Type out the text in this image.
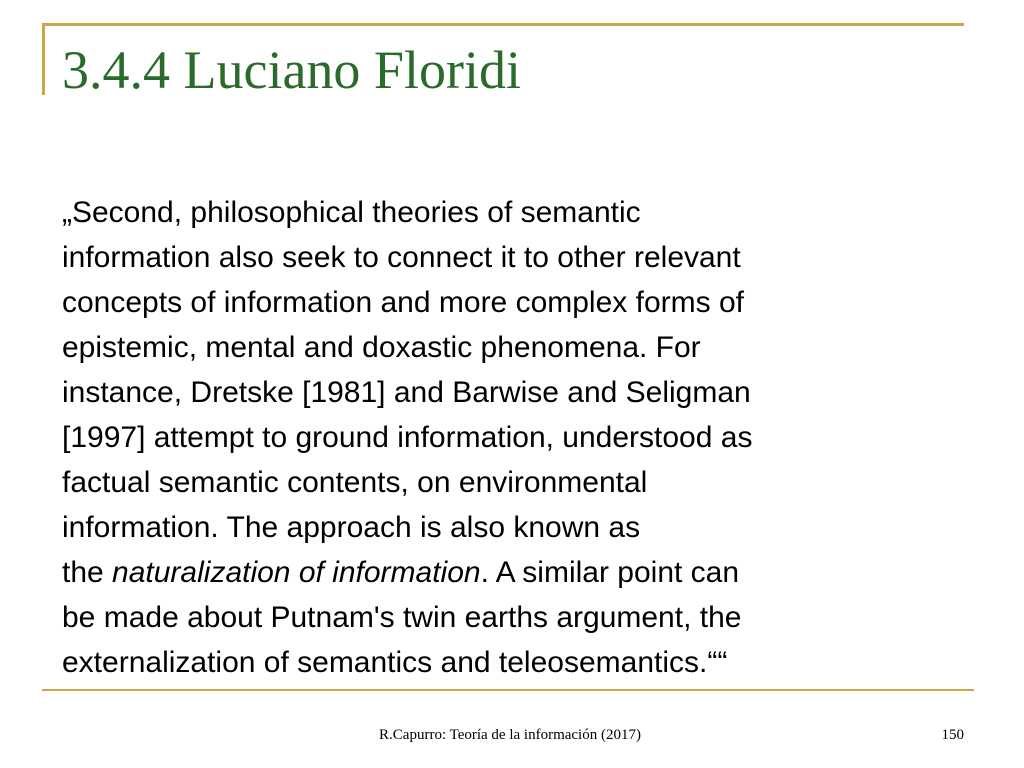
3.4.4 Luciano Floridi

„Second, philosophical theories of semantic
information also seek to connect it to other relevant
concepts of information and more complex forms of
epistemic, mental and doxastic phenomena. For
instance, Dretske [1981] and Barwise and Seligman
[1997] attempt to ground information, understood as
factual semantic contents, on environmental
information. The approach is also known as
the naturalization of information. A similar point can
be made about Putnam's twin earths argument, the
externalization of semantics and teleosemantics.““

R.Capurro: Teoría de la información (2017)	150
